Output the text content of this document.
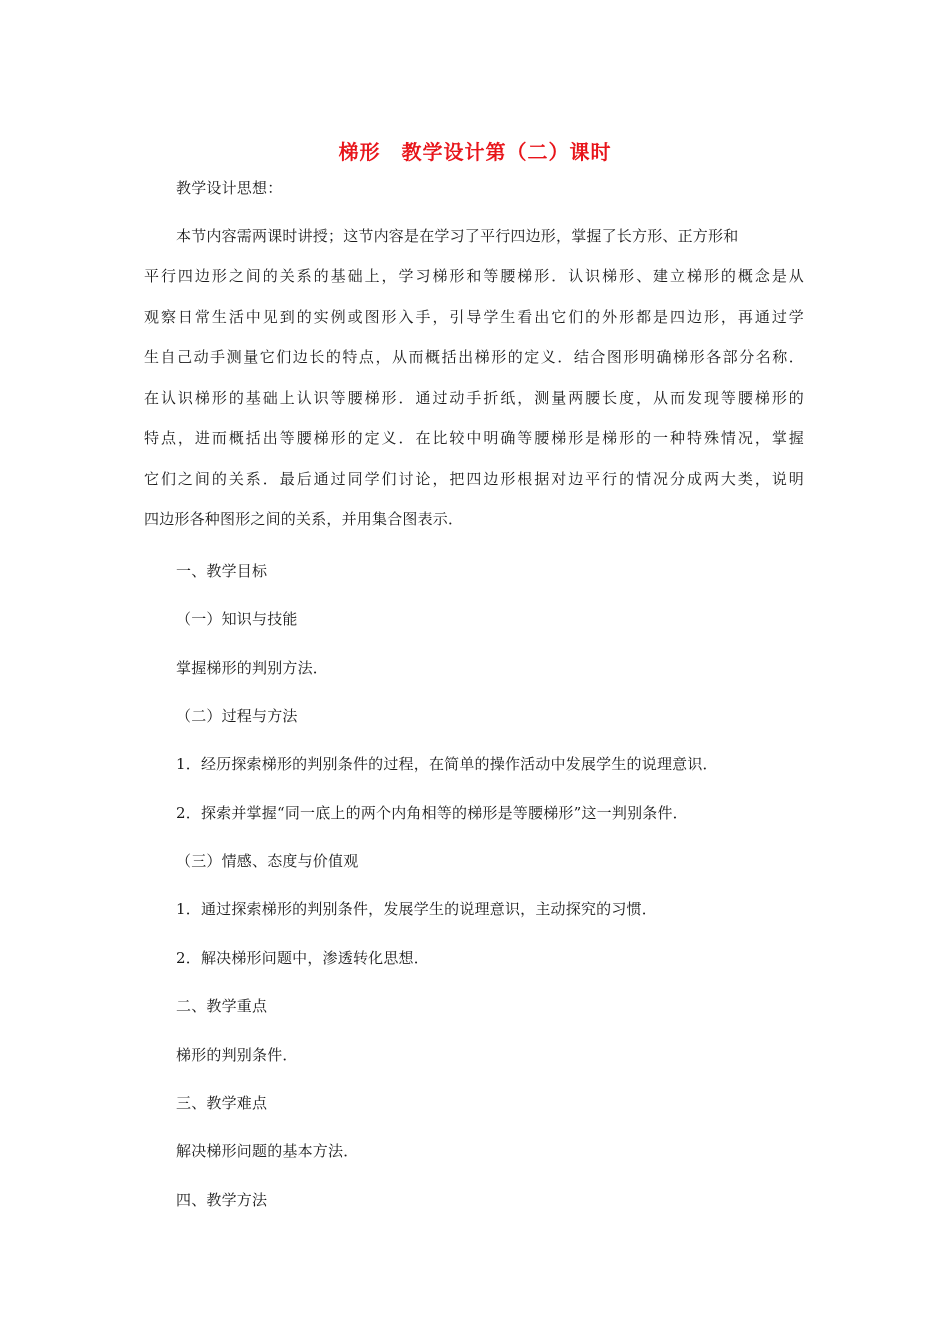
梯形　教学设计第（二）课时
教学设计思想：
本节内容需两课时讲授；这节内容是在学习了平行四边形，掌握了长方形、正方形和
平行四边形之间的关系的基础上，学习梯形和等腰梯形．认识梯形、建立梯形的概念是从
观察日常生活中见到的实例或图形入手，引导学生看出它们的外形都是四边形，再通过学
生自己动手测量它们边长的特点，从而概括出梯形的定义．结合图形明确梯形各部分名称．
在认识梯形的基础上认识等腰梯形．通过动手折纸，测量两腰长度，从而发现等腰梯形的
特点，进而概括出等腰梯形的定义．在比较中明确等腰梯形是梯形的一种特殊情况，掌握
它们之间的关系．最后通过同学们讨论，把四边形根据对边平行的情况分成两大类，说明
四边形各种图形之间的关系，并用集合图表示．
一、教学目标
（一）知识与技能
掌握梯形的判别方法．
（二）过程与方法
1．经历探索梯形的判别条件的过程，在简单的操作活动中发展学生的说理意识．
2．探索并掌握“同一底上的两个内角相等的梯形是等腰梯形”这一判别条件．
（三）情感、态度与价值观
1．通过探索梯形的判别条件，发展学生的说理意识，主动探究的习惯．
2．解决梯形问题中，渗透转化思想．
二、教学重点
梯形的判别条件．
三、教学难点
解决梯形问题的基本方法．
四、教学方法
